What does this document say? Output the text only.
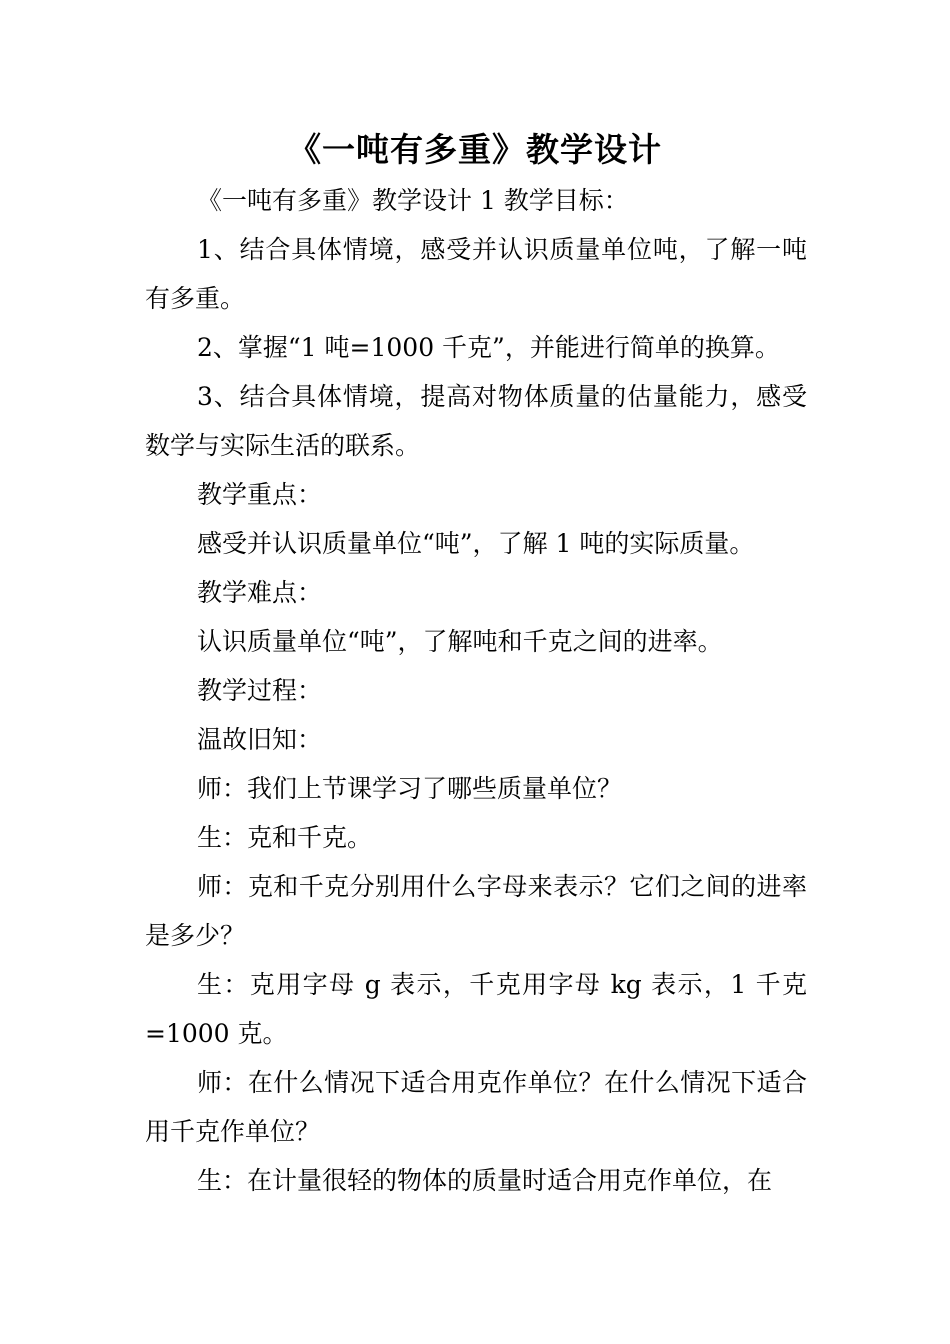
《一吨有多重》教学设计

《一吨有多重》教学设计 1 教学目标：

1、结合具体情境，感受并认识质量单位吨，了解一吨有多重。

2、掌握“1 吨=1000 千克”，并能进行简单的换算。

3、结合具体情境，提高对物体质量的估量能力，感受数学与实际生活的联系。

教学重点：

感受并认识质量单位“吨”，了解 1 吨的实际质量。

教学难点：

认识质量单位“吨”，了解吨和千克之间的进率。

教学过程：

温故旧知：

师：我们上节课学习了哪些质量单位？

生：克和千克。

师：克和千克分别用什么字母来表示？它们之间的进率是多少？

生：克用字母 g 表示，千克用字母 kg 表示，1 千克=1000 克。

师：在什么情况下适合用克作单位？在什么情况下适合用千克作单位？

生：在计量很轻的物体的质量时适合用克作单位，在
